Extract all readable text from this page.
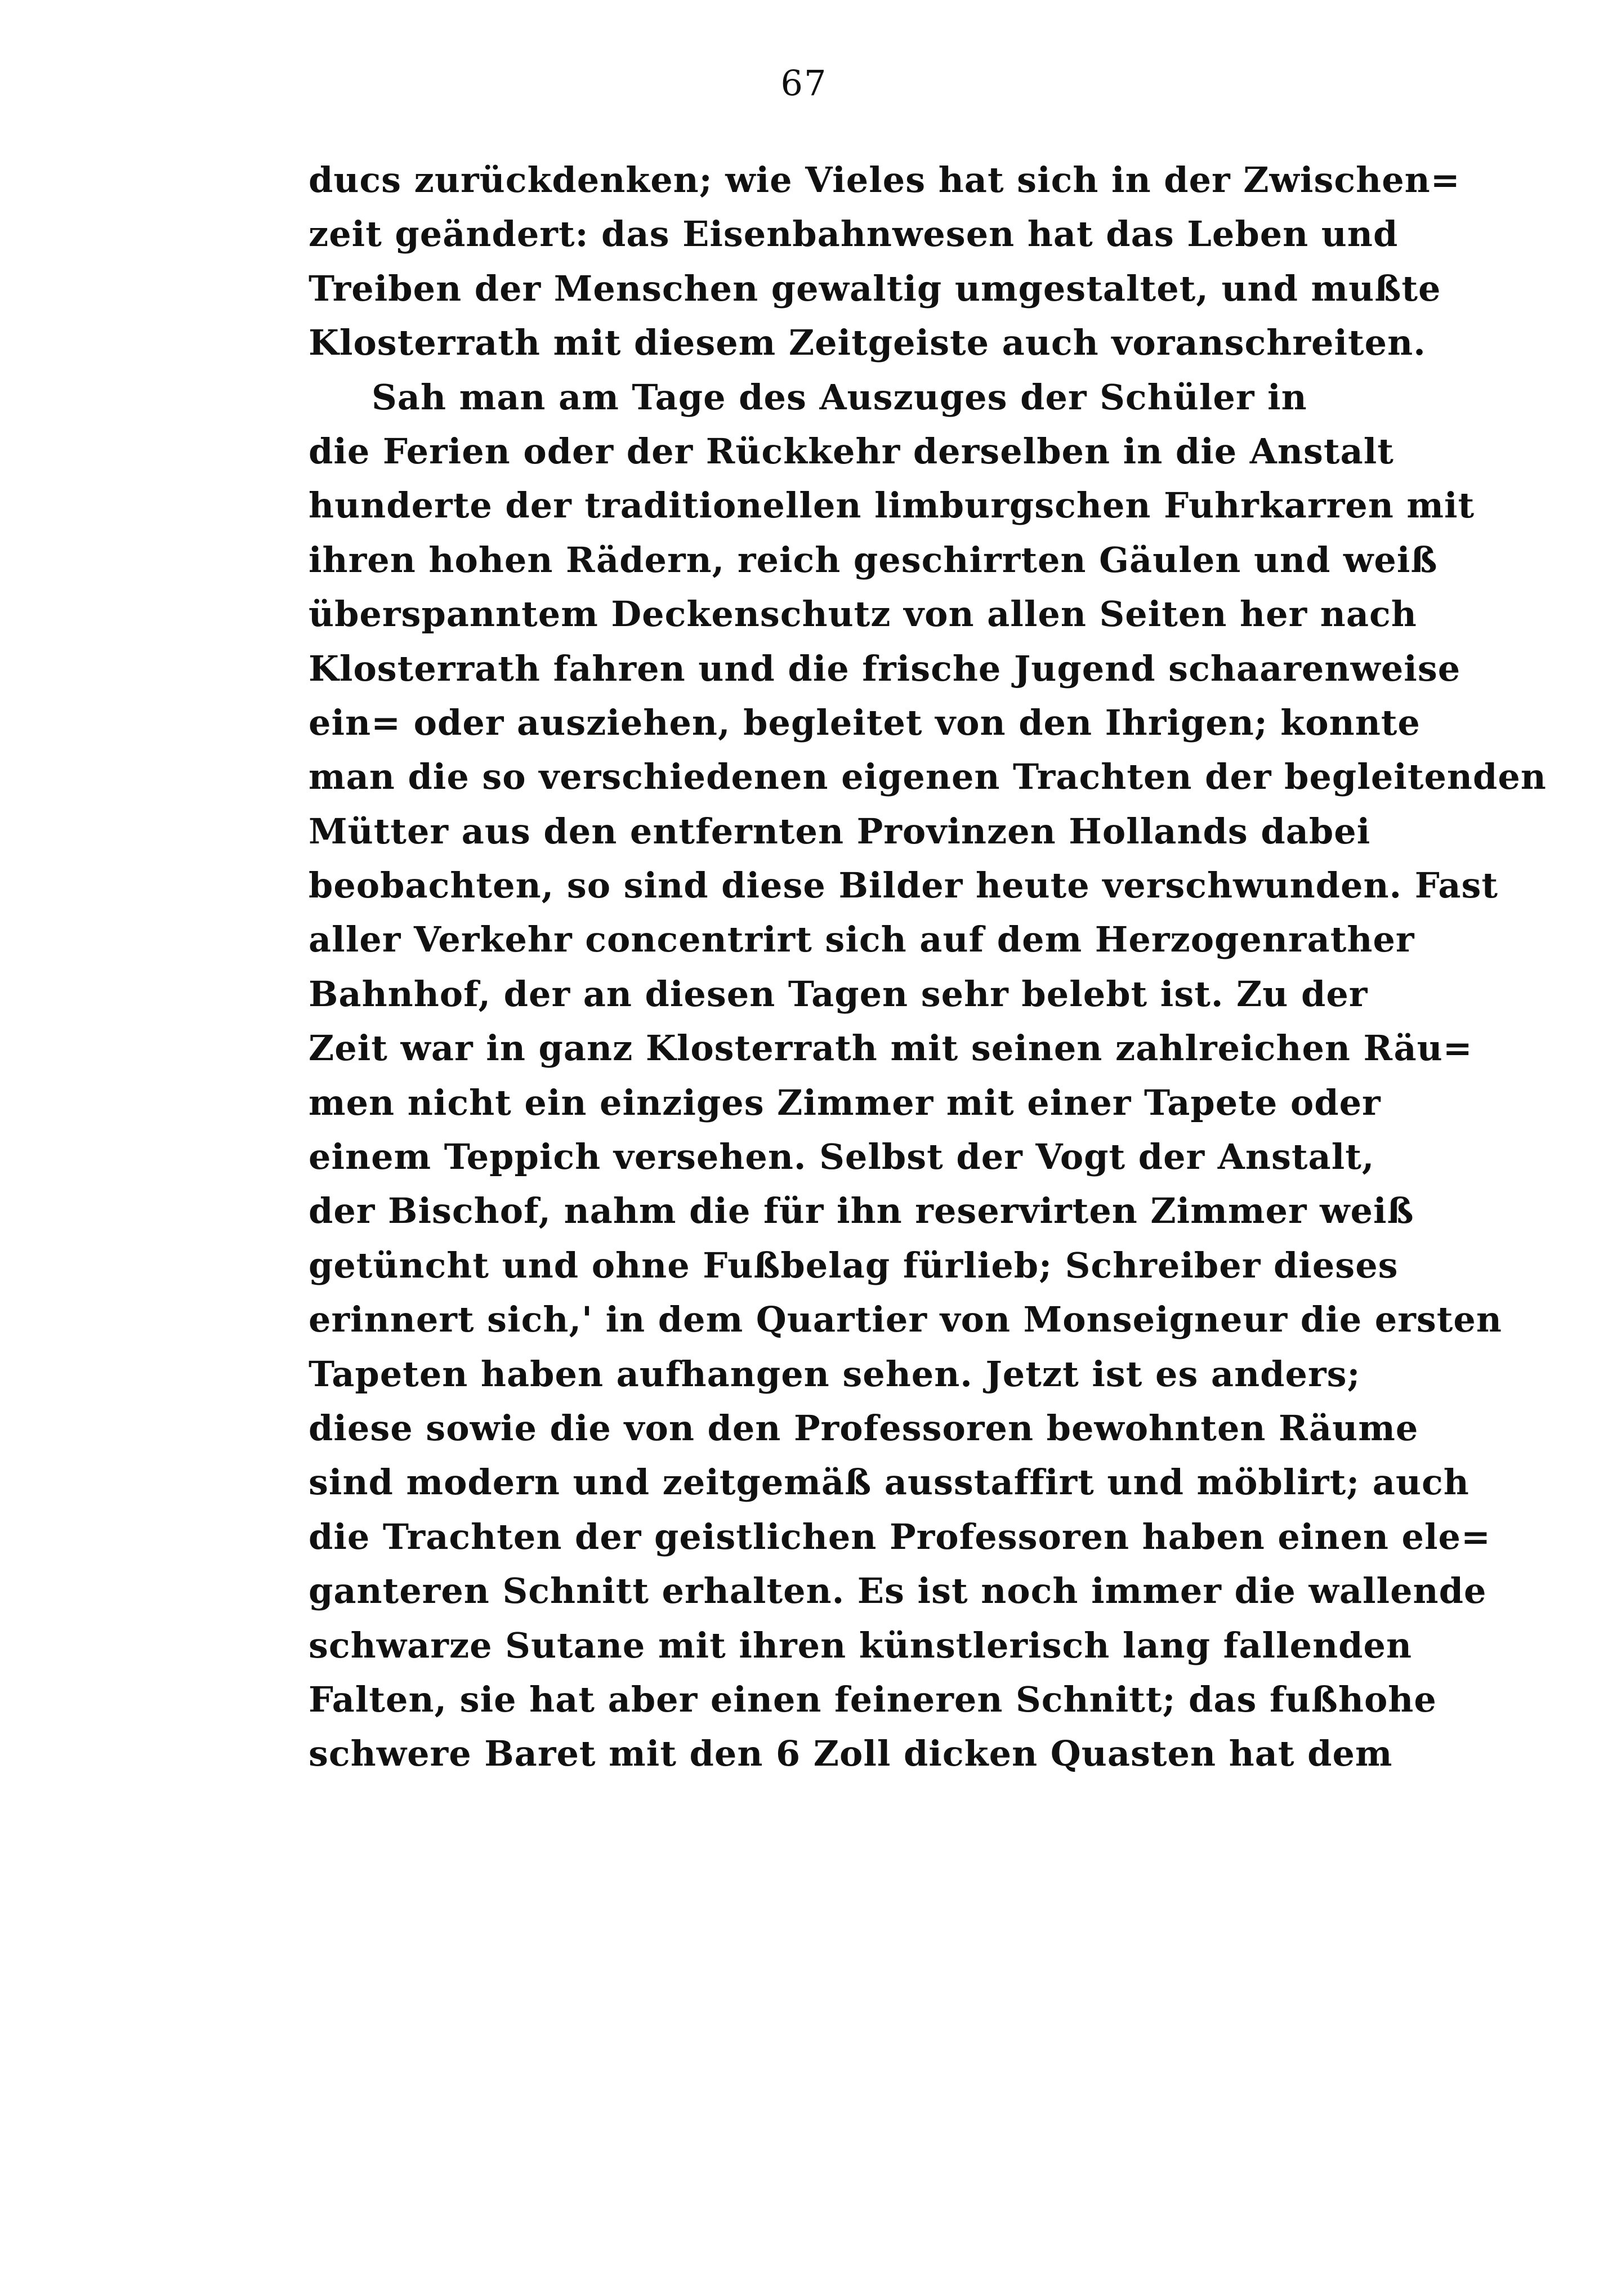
67
ducs zurückdenken; wie Vieles hat sich in der Zwischen=
zeit geändert: das Eisenbahnwesen hat das Leben und
Treiben der Menschen gewaltig umgestaltet, und mußte
Klosterrath mit diesem Zeitgeiste auch voranschreiten.
Sah man am Tage des Auszuges der Schüler in
die Ferien oder der Rückkehr derselben in die Anstalt
hunderte der traditionellen limburgschen Fuhrkarren mit
ihren hohen Rädern, reich geschirrten Gäulen und weiß
überspanntem Deckenschutz von allen Seiten her nach
Klosterrath fahren und die frische Jugend schaarenweise
ein= oder ausziehen, begleitet von den Ihrigen; konnte
man die so verschiedenen eigenen Trachten der begleitenden
Mütter aus den entfernten Provinzen Hollands dabei
beobachten, so sind diese Bilder heute verschwunden. Fast
aller Verkehr concentrirt sich auf dem Herzogenrather
Bahnhof, der an diesen Tagen sehr belebt ist. Zu der
Zeit war in ganz Klosterrath mit seinen zahlreichen Räu=
men nicht ein einziges Zimmer mit einer Tapete oder
einem Teppich versehen. Selbst der Vogt der Anstalt,
der Bischof, nahm die für ihn reservirten Zimmer weiß
getüncht und ohne Fußbelag fürlieb; Schreiber dieses
erinnert sich,' in dem Quartier von Monseigneur die ersten
Tapeten haben aufhangen sehen. Jetzt ist es anders;
diese sowie die von den Professoren bewohnten Räume
sind modern und zeitgemäß ausstaffirt und möblirt; auch
die Trachten der geistlichen Professoren haben einen ele=
ganteren Schnitt erhalten. Es ist noch immer die wallende
schwarze Sutane mit ihren künstlerisch lang fallenden
Falten, sie hat aber einen feineren Schnitt; das fußhohe
schwere Baret mit den 6 Zoll dicken Quasten hat dem
